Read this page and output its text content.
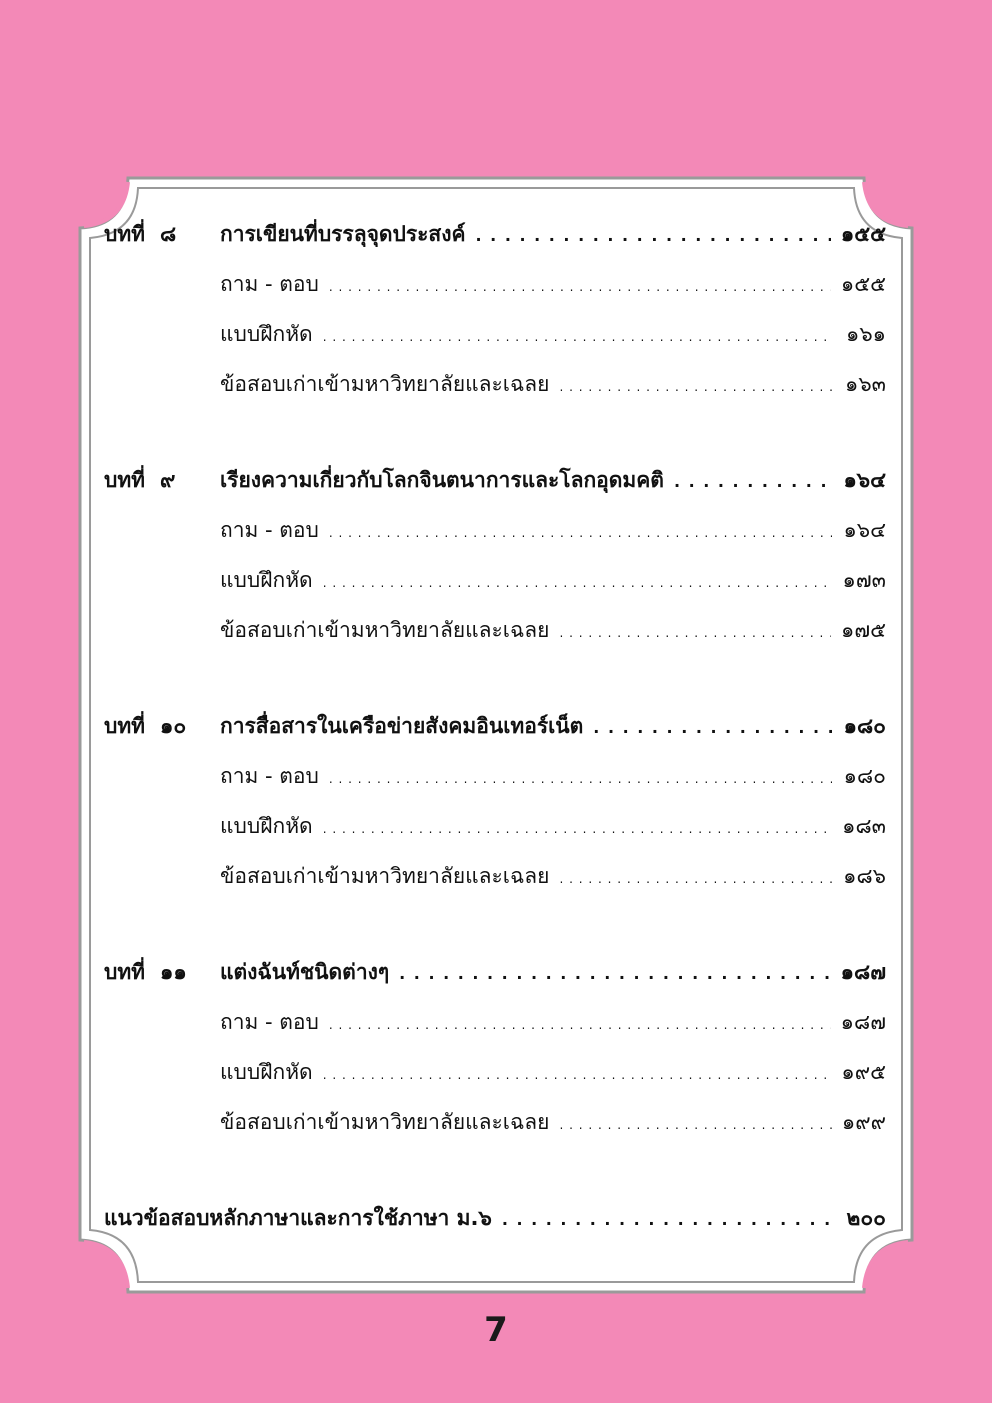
บทที่ ๘	การเขียนที่บรรลุจุดประสงค์ . . .	๑๕๕
ถาม - ตอบ . . .	๑๕๕
แบบฝึกหัด . . .	๑๖๑
ข้อสอบเก่าเข้ามหาวิทยาลัยและเฉลย . . .	๑๖๓
บทที่ ๙	เรียงความเกี่ยวกับโลกจินตนาการและโลกอุดมคติ . . .	๑๖๔
ถาม - ตอบ . . .	๑๖๔
แบบฝึกหัด . . .	๑๗๓
ข้อสอบเก่าเข้ามหาวิทยาลัยและเฉลย . . .	๑๗๕
บทที่ ๑๐	การสื่อสารในเครือข่ายสังคมอินเทอร์เน็ต . . .	๑๘๐
ถาม - ตอบ . . .	๑๘๐
แบบฝึกหัด . . .	๑๘๓
ข้อสอบเก่าเข้ามหาวิทยาลัยและเฉลย . . .	๑๘๖
บทที่ ๑๑	แต่งฉันท์ชนิดต่างๆ . . .	๑๘๗
ถาม - ตอบ . . .	๑๘๗
แบบฝึกหัด . . .	๑๙๕
ข้อสอบเก่าเข้ามหาวิทยาลัยและเฉลย . . .	๑๙๙
แนวข้อสอบหลักภาษาและการใช้ภาษา ม.๖ . . .	๒๐๐
7
